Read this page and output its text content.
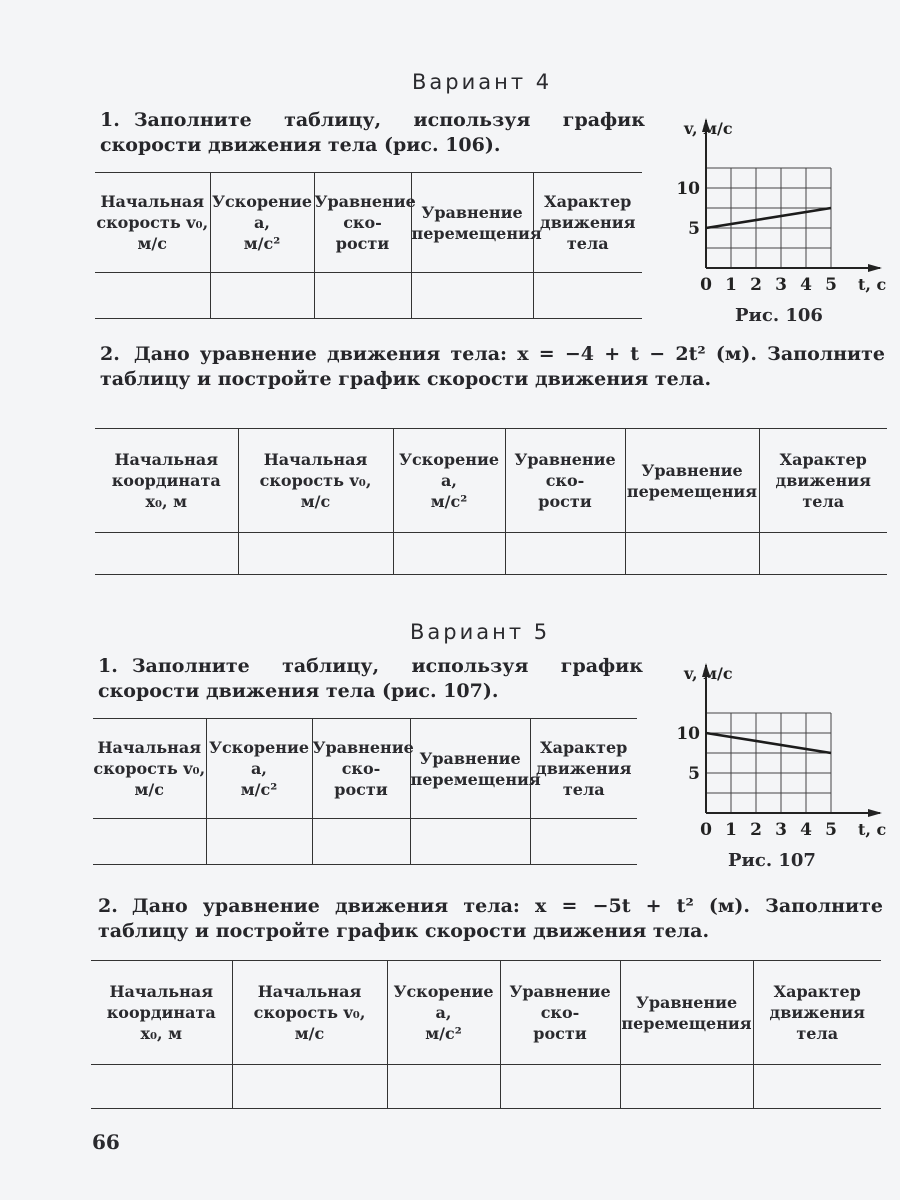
Вариант 4
1. Заполните таблицу, используя график скорости движения тела (рис. 106).
Начальная скорость v₀,
м/с	Ускорение
a,
м/с²	Уравнение
ско-
рости	Уравнение
перемещения	Характер движения
тела

v, м/с
t, с
0 1 2 3 4 5
5
10
Рис. 106
2. Дано уравнение движения тела: x = −4 + t − 2t² (м). Заполните таблицу и постройте график скорости движения тела.
Начальная координата
x₀, м	Начальная скорость v₀,
м/с	Ускорение
a,
м/с²	Уравнение
ско-
рости	Уравнение
перемещения	Характер движения
тела

Вариант 5
1. Заполните таблицу, используя график скорости движения тела (рис. 107).
Начальная скорость v₀,
м/с	Ускорение
a,
м/с²	Уравнение
ско-
рости	Уравнение
перемещения	Характер движения
тела

v, м/с
t, с
0 1 2 3 4 5
5
10
Рис. 107
2. Дано уравнение движения тела: x = −5t + t² (м). Заполните таблицу и постройте график скорости движения тела.
Начальная координата
x₀, м	Начальная скорость v₀,
м/с	Ускорение
a,
м/с²	Уравнение
ско-
рости	Уравнение
перемещения	Характер движения
тела

66
